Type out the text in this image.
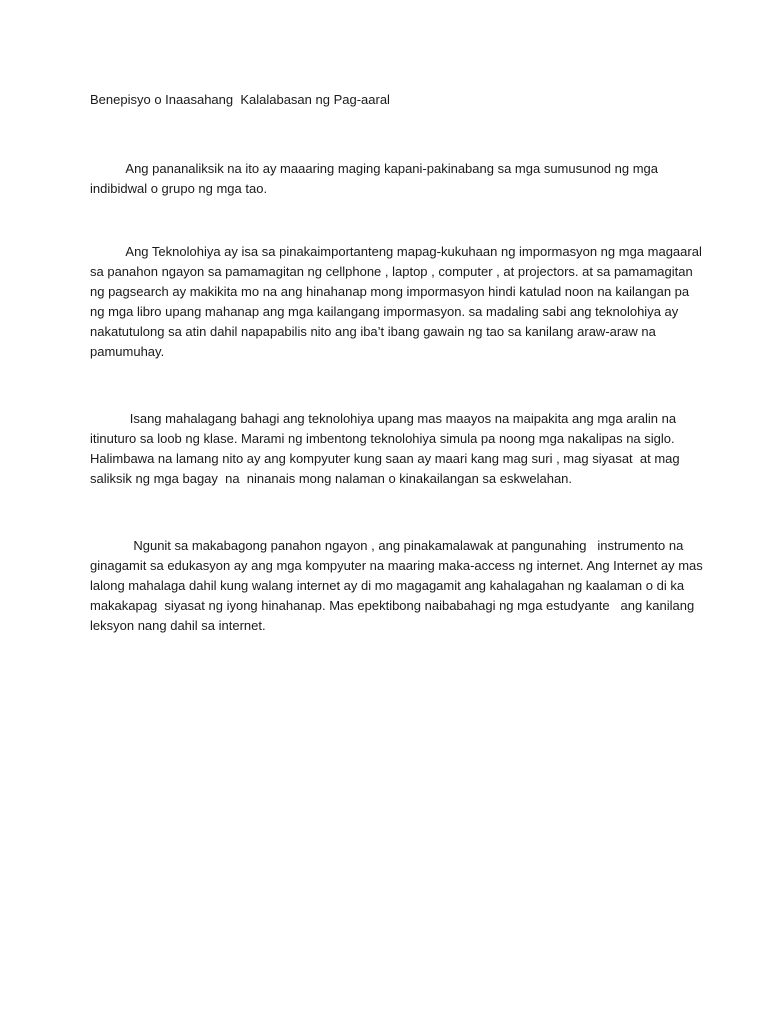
Benepisyo o Inaasahang  Kalalabasan ng Pag-aaral

Ang pananaliksik na ito ay maaaring maging kapani-pakinabang sa mga sumusunod ng mga
indibidwal o grupo ng mga tao.

Ang Teknolohiya ay isa sa pinakaimportanteng mapag-kukuhaan ng impormasyon ng mga magaaral
sa panahon ngayon sa pamamagitan ng cellphone , laptop , computer , at projectors. at sa pamamagitan
ng pagsearch ay makikita mo na ang hinahanap mong impormasyon hindi katulad noon na kailangan pa
ng mga libro upang mahanap ang mga kailangang impormasyon. sa madaling sabi ang teknolohiya ay
nakatutulong sa atin dahil napapabilis nito ang iba’t ibang gawain ng tao sa kanilang araw-araw na
pamumuhay.

Isang mahalagang bahagi ang teknolohiya upang mas maayos na maipakita ang mga aralin na
itinuturo sa loob ng klase. Marami ng imbentong teknolohiya simula pa noong mga nakalipas na siglo.
Halimbawa na lamang nito ay ang kompyuter kung saan ay maari kang mag suri , mag siyasat  at mag
saliksik ng mga bagay  na  ninanais mong nalaman o kinakailangan sa eskwelahan.

Ngunit sa makabagong panahon ngayon , ang pinakamalawak at pangunahing   instrumento na
ginagamit sa edukasyon ay ang mga kompyuter na maaring maka-access ng internet. Ang Internet ay mas
lalong mahalaga dahil kung walang internet ay di mo magagamit ang kahalagahan ng kaalaman o di ka
makakapag  siyasat ng iyong hinahanap. Mas epektibong naibabahagi ng mga estudyante   ang kanilang
leksyon nang dahil sa internet.
